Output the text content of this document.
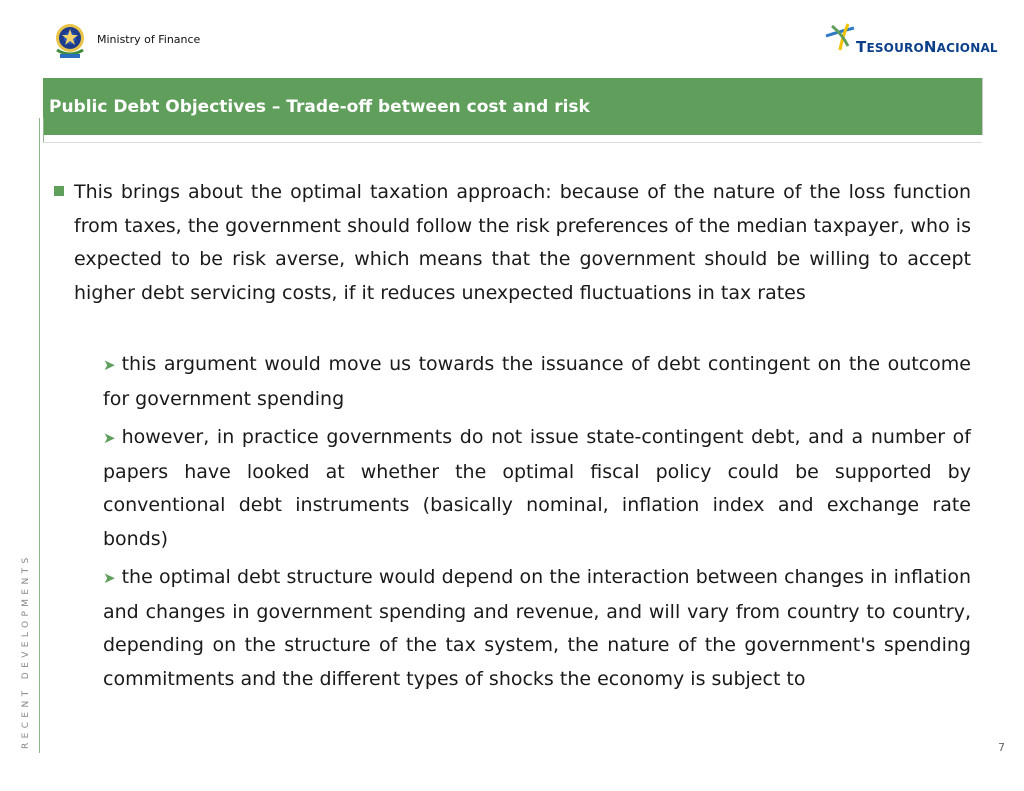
Ministry of Finance	TESOURONACIONAL
Public Debt Objectives – Trade-off between cost and risk
RECENT DEVELOPMENTS	7
This brings about the optimal taxation approach: because of the nature of the loss function from taxes, the government should follow the risk preferences of the median taxpayer, who is expected to be risk averse, which means that the government should be willing to accept higher debt servicing costs, if it reduces unexpected fluctuations in tax rates
➤ this argument would move us towards the issuance of debt contingent on the outcome for government spending
➤ however, in practice governments do not issue state-contingent debt, and a number of papers have looked at whether the optimal fiscal policy could be supported by conventional debt instruments (basically nominal, inflation index and exchange rate bonds)
➤ the optimal debt structure would depend on the interaction between changes in inflation and changes in government spending and revenue, and will vary from country to country, depending on the structure of the tax system, the nature of the government's spending commitments and the different types of shocks the economy is subject to
